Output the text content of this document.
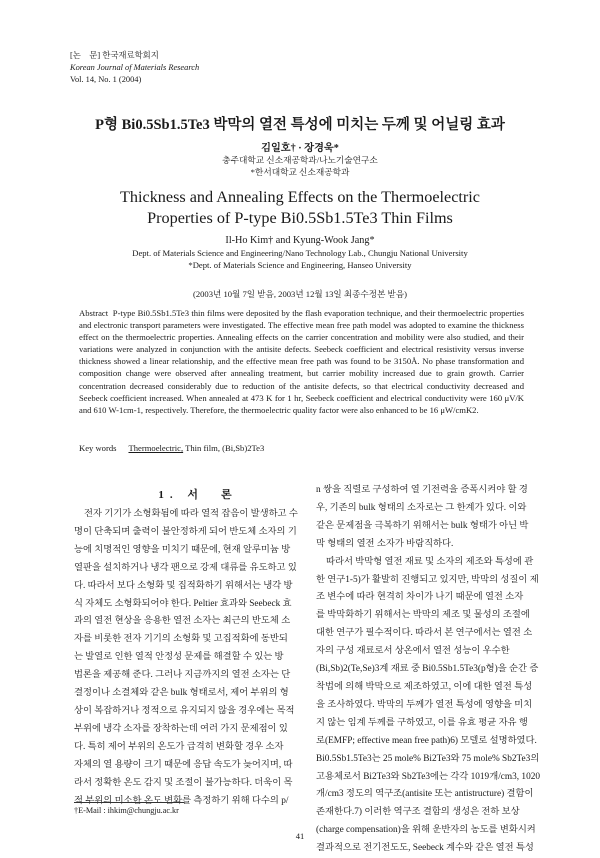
[논　문] 한국재료학회지
Korean Journal of Materials Research
Vol. 14, No. 1 (2004)
P형 Bi0.5Sb1.5Te3 박막의 열전 특성에 미치는 두께 및 어닐링 효과
김일호† · 장경욱*
충주대학교 신소재공학과/나노기술연구소
*한서대학교 신소재공학과
Thickness and Annealing Effects on the Thermoelectric
Properties of P-type Bi0.5Sb1.5Te3 Thin Films
Il-Ho Kim† and Kyung-Wook Jang*
Dept. of Materials Science and Engineering/Nano Technology Lab., Chungju National University
*Dept. of Materials Science and Engineering, Hanseo University
(2003년 10월 7일 받음, 2003년 12월 13일 최종수정본 받음)
Abstract P-type Bi0.5Sb1.5Te3 thin films were deposited by the flash evaporation technique, and their thermoelectric properties and electronic transport parameters were investigated. The effective mean free path model was adopted to examine the thickness effect on the thermoelectric properties. Annealing effects on the carrier concentration and mobility were also studied, and their variations were analyzed in conjunction with the antisite defects. Seebeck coefficient and electrical resistivity versus inverse thickness showed a linear relationship, and the effective mean free path was found to be 3150Å. No phase transformation and composition change were observed after annealing treatment, but carrier mobility increased due to grain growth. Carrier concentration decreased considerably due to reduction of the antisite defects, so that electrical conductivity decreased and Seebeck coefficient increased. When annealed at 473 K for 1 hr, Seebeck coefficient and electrical conductivity were 160 μV/K and 610 W-1cm-1, respectively. Therefore, the thermoelectric quality factor were also enhanced to be 16 μW/cmK2.
Key words Thermoelectric, Thin film, (Bi,Sb)2Te3
1. 서　론
전자 기기가 소형화됨에 따라 열적 잡음이 발생하고 수
명이 단축되며 출력이 불안정하게 되어 반도체 소자의 기
능에 치명적인 영향을 미치기 때문에, 현재 알루미늄 방
열판을 설치하거나 냉각 팬으로 강제 대류를 유도하고 있
다. 따라서 보다 소형화 및 집적화하기 위해서는 냉각 방
식 자체도 소형화되어야 한다. Peltier 효과와 Seebeck 효
과의 열전 현상을 응용한 열전 소자는 최근의 반도체 소
자를 비롯한 전자 기기의 소형화 및 고집적화에 동반되
는 발열로 인한 열적 안정성 문제를 해결할 수 있는 방
법론을 제공해 준다. 그러나 지금까지의 열전 소자는 단
결정이나 소결체와 같은 bulk 형태로서, 제어 부위의 형
상이 복잡하거나 정적으로 유지되지 않을 경우에는 목적
부위에 냉각 소자를 장착하는데 여러 가지 문제점이 있
다. 특히 제어 부위의 온도가 급격히 변화할 경우 소자
자체의 열 용량이 크기 때문에 응답 속도가 늦어지며, 따
라서 정확한 온도 감지 및 조절이 불가능하다. 더욱이 목
적 부위의 미소한 온도 변화를 측정하기 위해 다수의 p/
n 쌍을 직렬로 구성하여 열 기전력을 증폭시켜야 할 경
우, 기존의 bulk 형태의 소자로는 그 한계가 있다. 이와
같은 문제점을 극복하기 위해서는 bulk 형태가 아닌 박
막 형태의 열전 소자가 바람직하다.
따라서 박막형 열전 재료 및 소자의 제조와 특성에 관
한 연구1-5)가 활발히 진행되고 있지만, 박막의 성질이 제
조 변수에 따라 현격히 차이가 나기 때문에 열전 소자
를 박막화하기 위해서는 박막의 제조 및 물성의 조절에
대한 연구가 필수적이다. 따라서 본 연구에서는 열전 소
자의 구성 재료로서 상온에서 열전 성능이 우수한
(Bi,Sb)2(Te,Se)3계 재료 중 Bi0.5Sb1.5Te3(p형)을 순간 증
착법에 의해 박막으로 제조하였고, 이에 대한 열전 특성
을 조사하였다. 박막의 두께가 열전 특성에 영향을 미치
지 않는 임계 두께를 구하였고, 이를 유효 평균 자유 행
로(EMFP; effective mean free path)6) 모델로 설명하였다.
Bi0.5Sb1.5Te3는 25 mole% Bi2Te3와 75 mole% Sb2Te3의
고용체로서 Bi2Te3와 Sb2Te3에는 각각 1019개/cm3, 1020
개/cm3 정도의 역구조(antisite 또는 antistructure) 결함이
존재한다.7) 이러한 역구조 결함의 생성은 전하 보상
(charge compensation)을 위해 운반자의 농도를 변화시켜
결과적으로 전기전도도, Seebeck 계수와 같은 열전 특성
†E-Mail : ihkim@chungju.ac.kr
41
